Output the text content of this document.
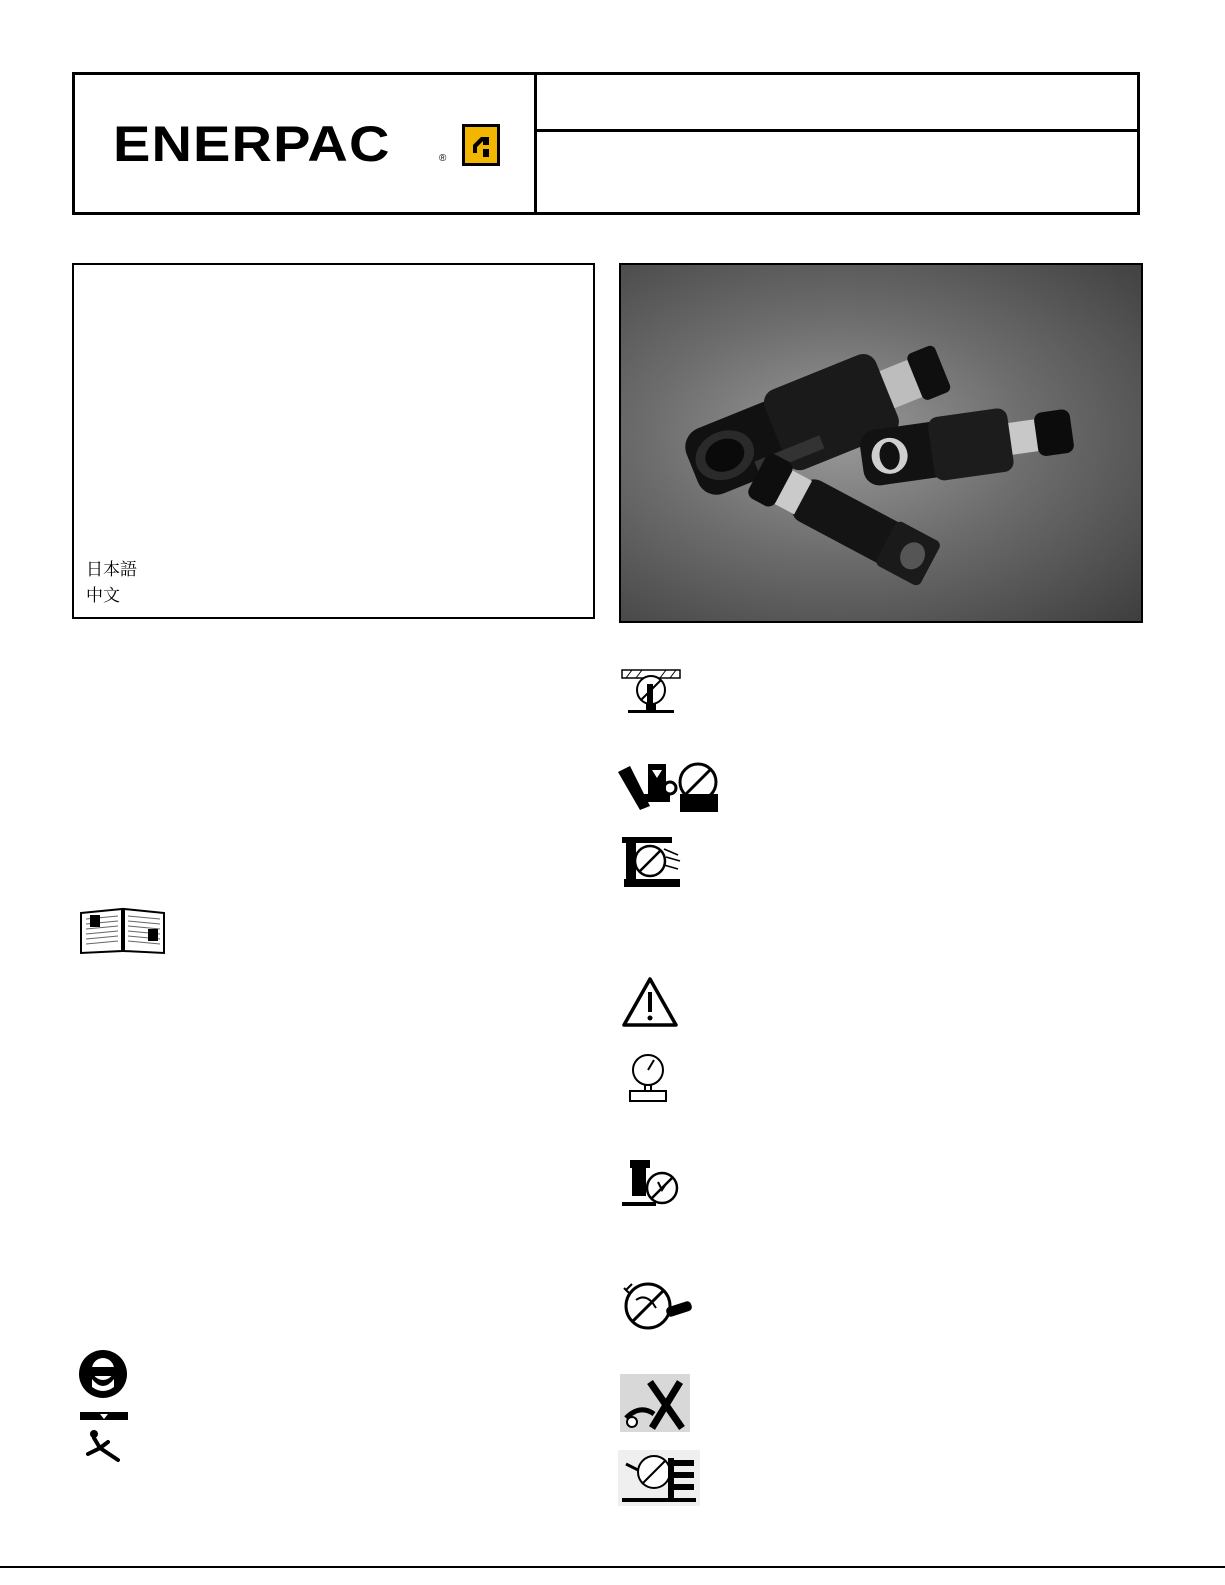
ENERPAC	®
日本語
中文
